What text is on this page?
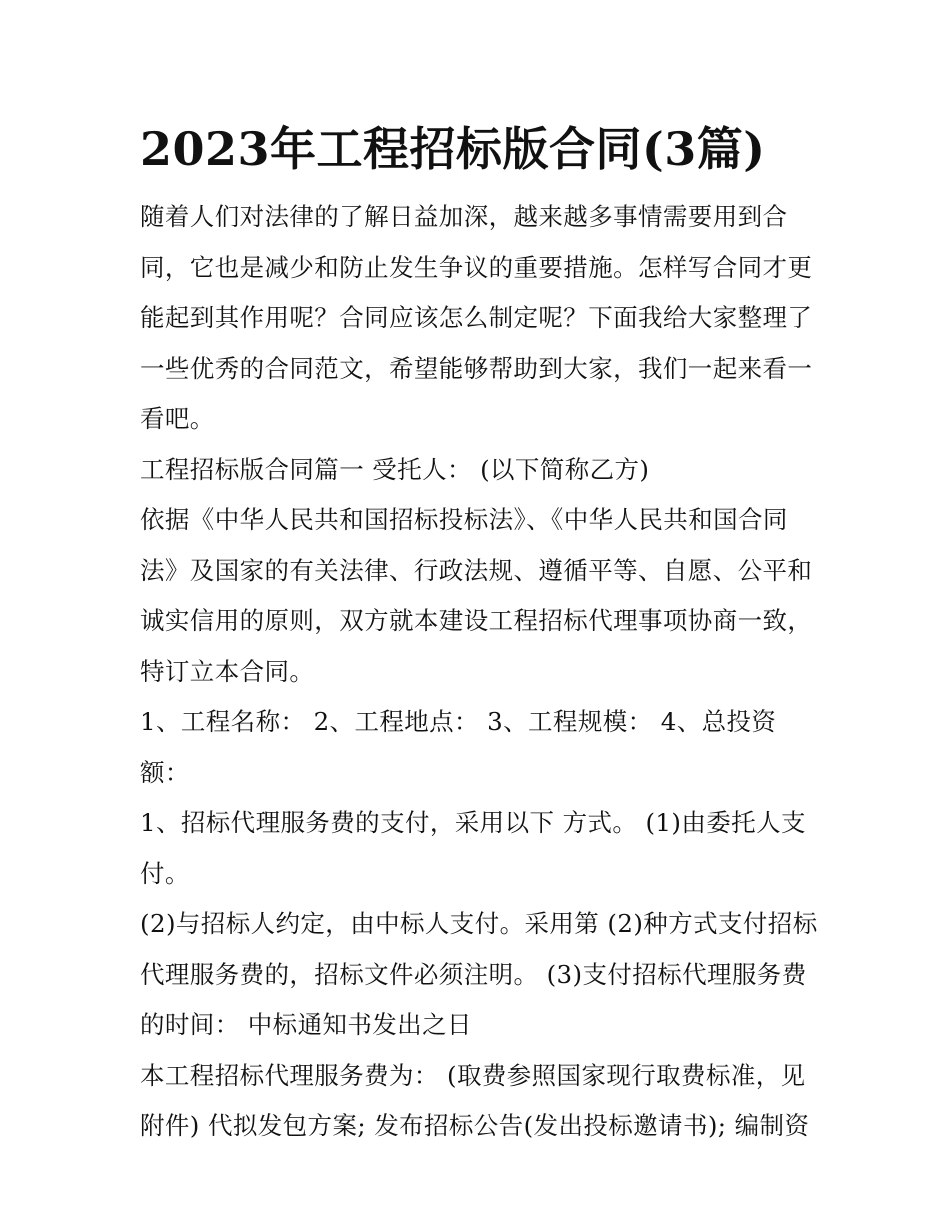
2023年工程招标版合同(3篇)

随着人们对法律的了解日益加深，越来越多事情需要用到合同，它也是减少和防止发生争议的重要措施。怎样写合同才更能起到其作用呢？合同应该怎么制定呢？下面我给大家整理了一些优秀的合同范文，希望能够帮助到大家，我们一起来看一看吧。

工程招标版合同篇一 受托人： (以下简称乙方)

依据《中华人民共和国招标投标法》、《中华人民共和国合同法》及国家的有关法律、行政法规、遵循平等、自愿、公平和诚实信用的原则，双方就本建设工程招标代理事项协商一致，特订立本合同。

1、工程名称： 2、工程地点： 3、工程规模： 4、总投资额：

1、招标代理服务费的支付，采用以下 方式。 (1)由委托人支付。

(2)与招标人约定，由中标人支付。采用第 (2)种方式支付招标代理服务费的，招标文件必须注明。 (3)支付招标代理服务费的时间： 中标通知书发出之日

本工程招标代理服务费为： (取费参照国家现行取费标准，见附件) 代拟发包方案; 发布招标公告(发出投标邀请书); 编制资
